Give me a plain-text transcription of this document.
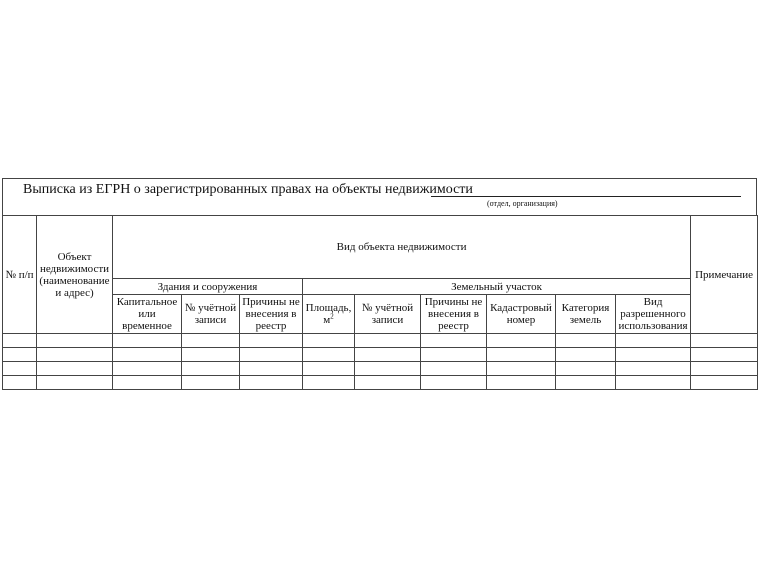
Выписка из ЕГРН о зарегистрированных правах на объекты недвижимости
(отдел, организация)
№ п/п	Объект недвижимости (наименование и адрес)	Вид объекта недвижимости									Примечание
		Здания и сооружения			Земельный участок						
		Капитальное или временное	№ учётной записи	Причины не внесения в реестр	Площадь, $м^2$	№ учётной записи	Причины не внесения в реестр	Кадастровый номер	Категория земель	Вид разрешенного использования	
